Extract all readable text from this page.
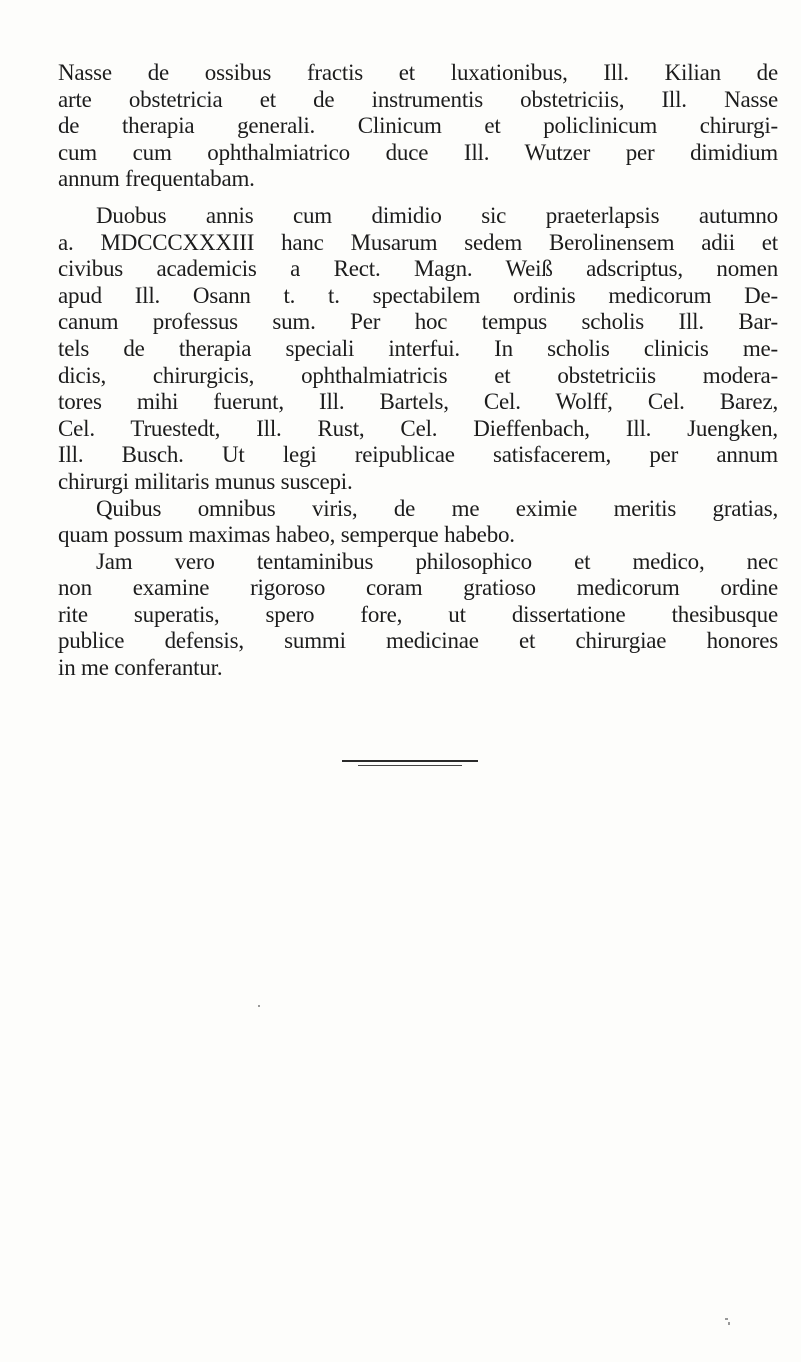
Nasse de ossibus fractis et luxationibus, Ill. Kilian de
arte obstetricia et de instrumentis obstetriciis, Ill. Nasse
de therapia generali. Clinicum et policlinicum chirurgi-
cum cum ophthalmiatrico duce Ill. Wutzer per dimidium
annum frequentabam.
Duobus annis cum dimidio sic praeterlapsis autumno
a. MDCCCXXXIII hanc Musarum sedem Berolinensem adii et
civibus academicis a Rect. Magn. Weiß adscriptus, nomen
apud Ill. Osann t. t. spectabilem ordinis medicorum De-
canum professus sum. Per hoc tempus scholis Ill. Bar-
tels de therapia speciali interfui. In scholis clinicis me-
dicis, chirurgicis, ophthalmiatricis et obstetriciis modera-
tores mihi fuerunt, Ill. Bartels, Cel. Wolff, Cel. Barez,
Cel. Truestedt, Ill. Rust, Cel. Dieffenbach, Ill. Juengken,
Ill. Busch. Ut legi reipublicae satisfacerem, per annum
chirurgi militaris munus suscepi.
Quibus omnibus viris, de me eximie meritis gratias,
quam possum maximas habeo, semperque habebo.
Jam vero tentaminibus philosophico et medico, nec
non examine rigoroso coram gratioso medicorum ordine
rite superatis, spero fore, ut dissertatione thesibusque
publice defensis, summi medicinae et chirurgiae honores
in me conferantur.
